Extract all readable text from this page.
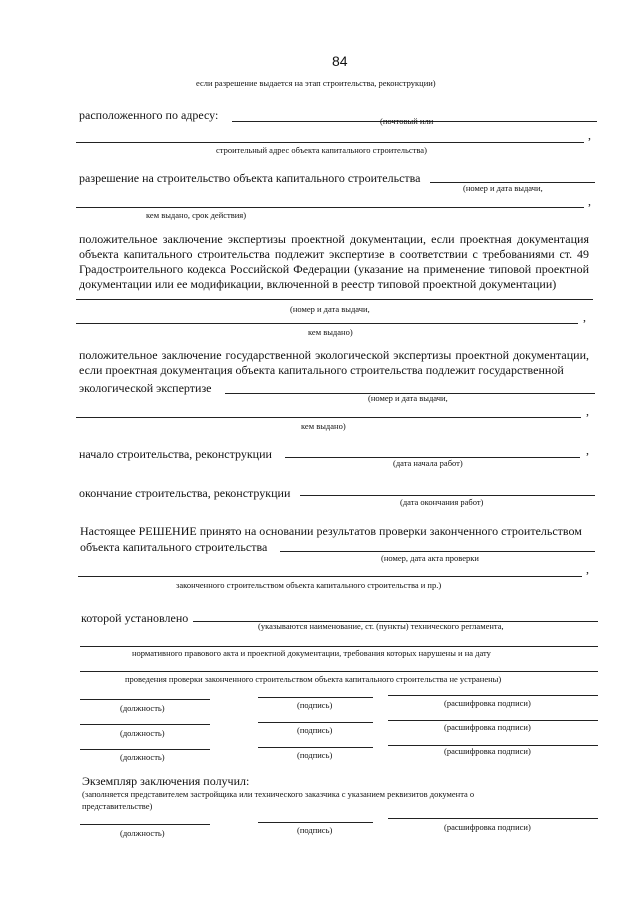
84
если разрешение выдается на этап строительства, реконструкции)
расположенного по адресу:	(почтовый или
,
строительный адрес объекта капитального строительства)
разрешение на строительство объекта капитального строительства
(номер и дата выдачи,
,
кем выдано, срок действия)
положительное заключение экспертизы проектной документации, если проектная документация объекта капитального строительства подлежит экспертизе в соответствии с требованиями ст. 49 Градостроительного кодекса Российской Федерации (указание на применение типовой проектной документации или ее модификации, включенной в реестр типовой проектной документации)
(номер и дата выдачи,
,
кем выдано)
положительное заключение государственной экологической экспертизы проектной документации, если проектная документация объекта капитального строительства подлежит государственной
экологической экспертизе
(номер и дата выдачи,
,
кем выдано)
начало строительства, реконструкции	,
(дата начала работ)
окончание строительства, реконструкции
(дата окончания работ)
Настоящее РЕШЕНИЕ принято на основании результатов проверки законченного строительством
объекта капитального строительства
(номер, дата акта проверки
,
законченного строительством объекта капитального строительства и пр.)
которой установлено
(указываются наименование, ст. (пункты) технического регламента,
нормативного правового акта и проектной документации, требования которых нарушены и на дату
проведения проверки законченного строительством объекта капитального строительства не устранены)
(должность)	(подпись)	(расшифровка подписи)
(должность)	(подпись)	(расшифровка подписи)
(должность)	(подпись)	(расшифровка подписи)
Экземпляр заключения получил:
(заполняется представителем застройщика или технического заказчика с указанием реквизитов документа о
представительстве)
(должность)	(подпись)	(расшифровка подписи)
